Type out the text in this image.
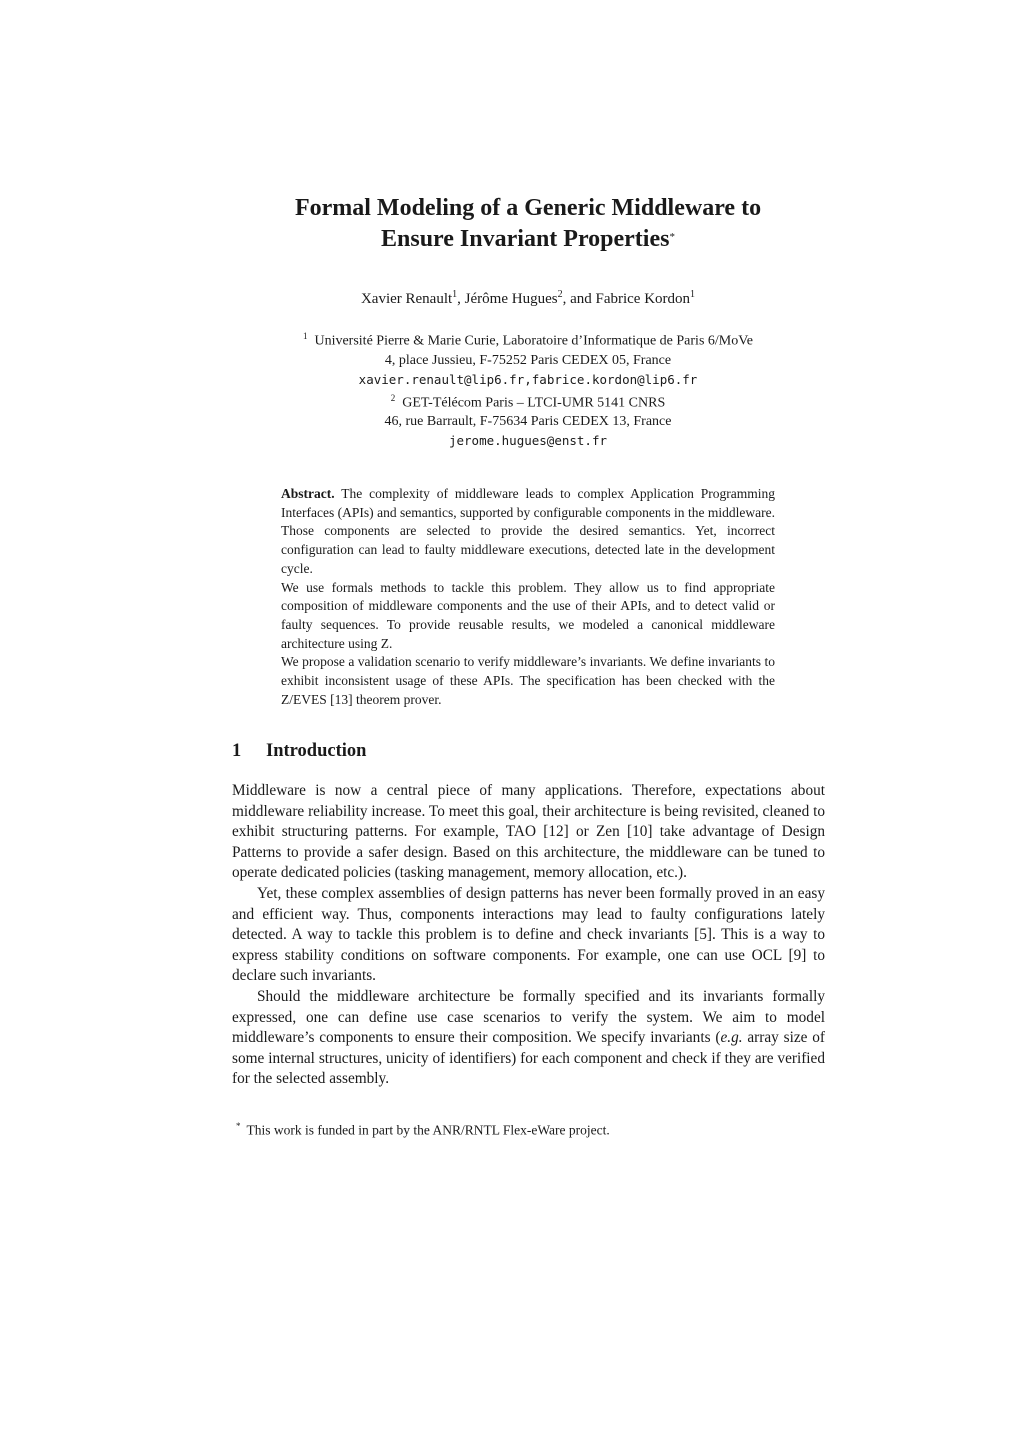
Formal Modeling of a Generic Middleware to
Ensure Invariant Properties*
Xavier Renault$^1$, Jérôme Hugues$^2$, and Fabrice Kordon$^1$
$^1$ Université Pierre & Marie Curie, Laboratoire d’Informatique de Paris 6/MoVe
4, place Jussieu, F-75252 Paris CEDEX 05, France
xavier.renault@lip6.fr,fabrice.kordon@lip6.fr
$^2$ GET-Télécom Paris – LTCI-UMR 5141 CNRS
46, rue Barrault, F-75634 Paris CEDEX 13, France
jerome.hugues@enst.fr

Abstract. The complexity of middleware leads to complex Application Programming Interfaces (APIs) and semantics, supported by configurable components in the middleware. Those components are selected to provide the desired semantics. Yet, incorrect configuration can lead to faulty middleware executions, detected late in the development cycle.

We use formals methods to tackle this problem. They allow us to find appropriate composition of middleware components and the use of their APIs, and to detect valid or faulty sequences. To provide reusable results, we modeled a canonical middleware architecture using Z.

We propose a validation scenario to verify middleware’s invariants. We define invariants to exhibit inconsistent usage of these APIs. The specification has been checked with the Z/EVES [13] theorem prover.

1 Introduction

Middleware is now a central piece of many applications. Therefore, expectations about middleware reliability increase. To meet this goal, their architecture is being revisited, cleaned to exhibit structuring patterns. For example, TAO [12] or Zen [10] take advantage of Design Patterns to provide a safer design. Based on this architecture, the middleware can be tuned to operate dedicated policies (tasking management, memory allocation, etc.).

Yet, these complex assemblies of design patterns has never been formally proved in an easy and efficient way. Thus, components interactions may lead to faulty configurations lately detected. A way to tackle this problem is to define and check invariants [5]. This is a way to express stability conditions on software components. For example, one can use OCL [9] to declare such invariants.

Should the middleware architecture be formally specified and its invariants formally expressed, one can define use case scenarios to verify the system. We aim to model middleware’s components to ensure their composition. We specify invariants (e.g. array size of some internal structures, unicity of identifiers) for each component and check if they are verified for the selected assembly.

* This work is funded in part by the ANR/RNTL Flex-eWare project.
